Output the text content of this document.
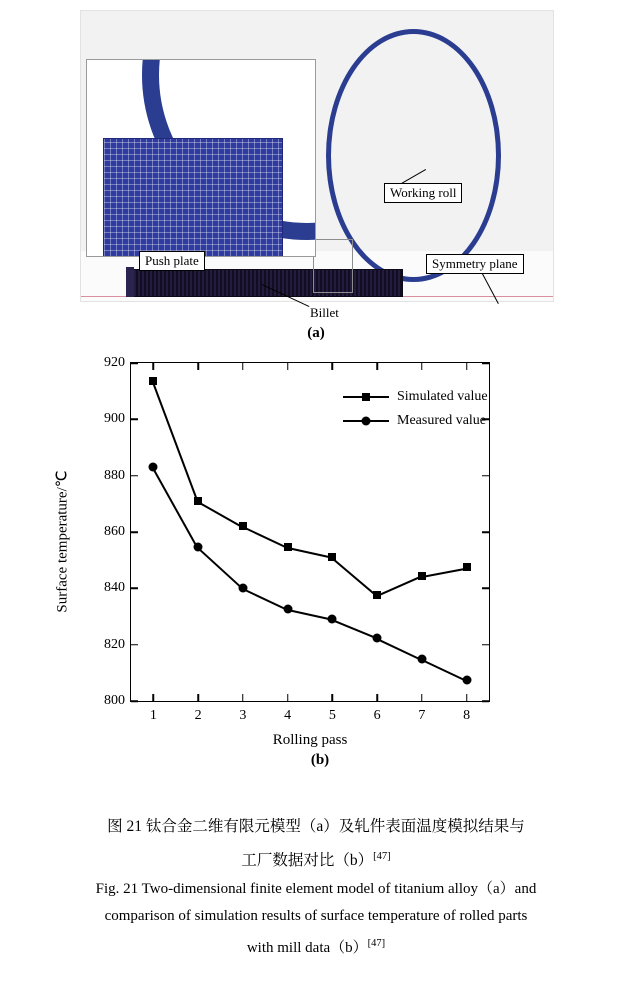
Working roll
Push plate	Symmetry plane
Billet
(a)
800
820
840
860
880
900
920
1	2	3	4	5	6	7	8
Simulated value
Measured value
Surface temperature/℃
Rolling pass
(b)
图 21 钛合金二维有限元模型（a）及轧件表面温度模拟结果与
工厂数据对比（b）[47]
Fig. 21 Two-dimensional finite element model of titanium alloy（a）and
comparison of simulation results of surface temperature of rolled parts
with mill data（b）[47]
